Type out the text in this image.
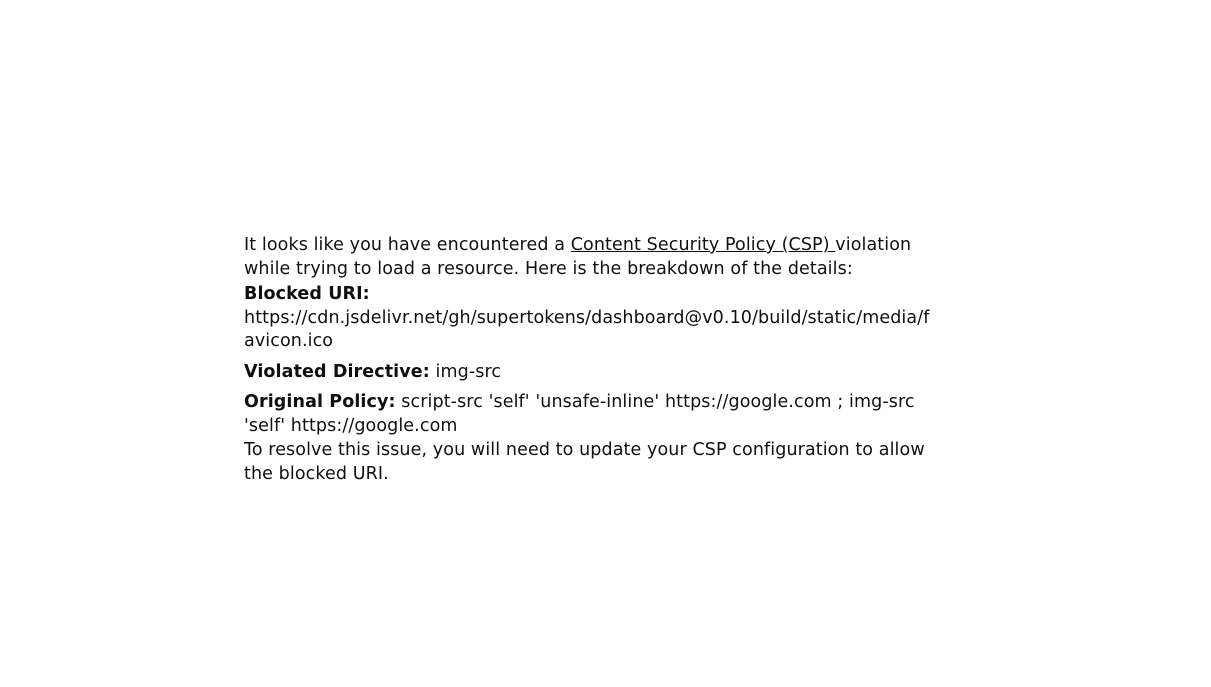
It looks like you have encountered a Content Security Policy (CSP) violation while trying to load a resource. Here is the breakdown of the details:

Blocked URI:
https://cdn.jsdelivr.net/gh/supertokens/dashboard@v0.10/build/static/media/favicon.ico

Violated Directive: img-src

Original Policy: script-src 'self' 'unsafe-inline' https://google.com ; img-src 'self' https://google.com

To resolve this issue, you will need to update your CSP configuration to allow the blocked URI.
